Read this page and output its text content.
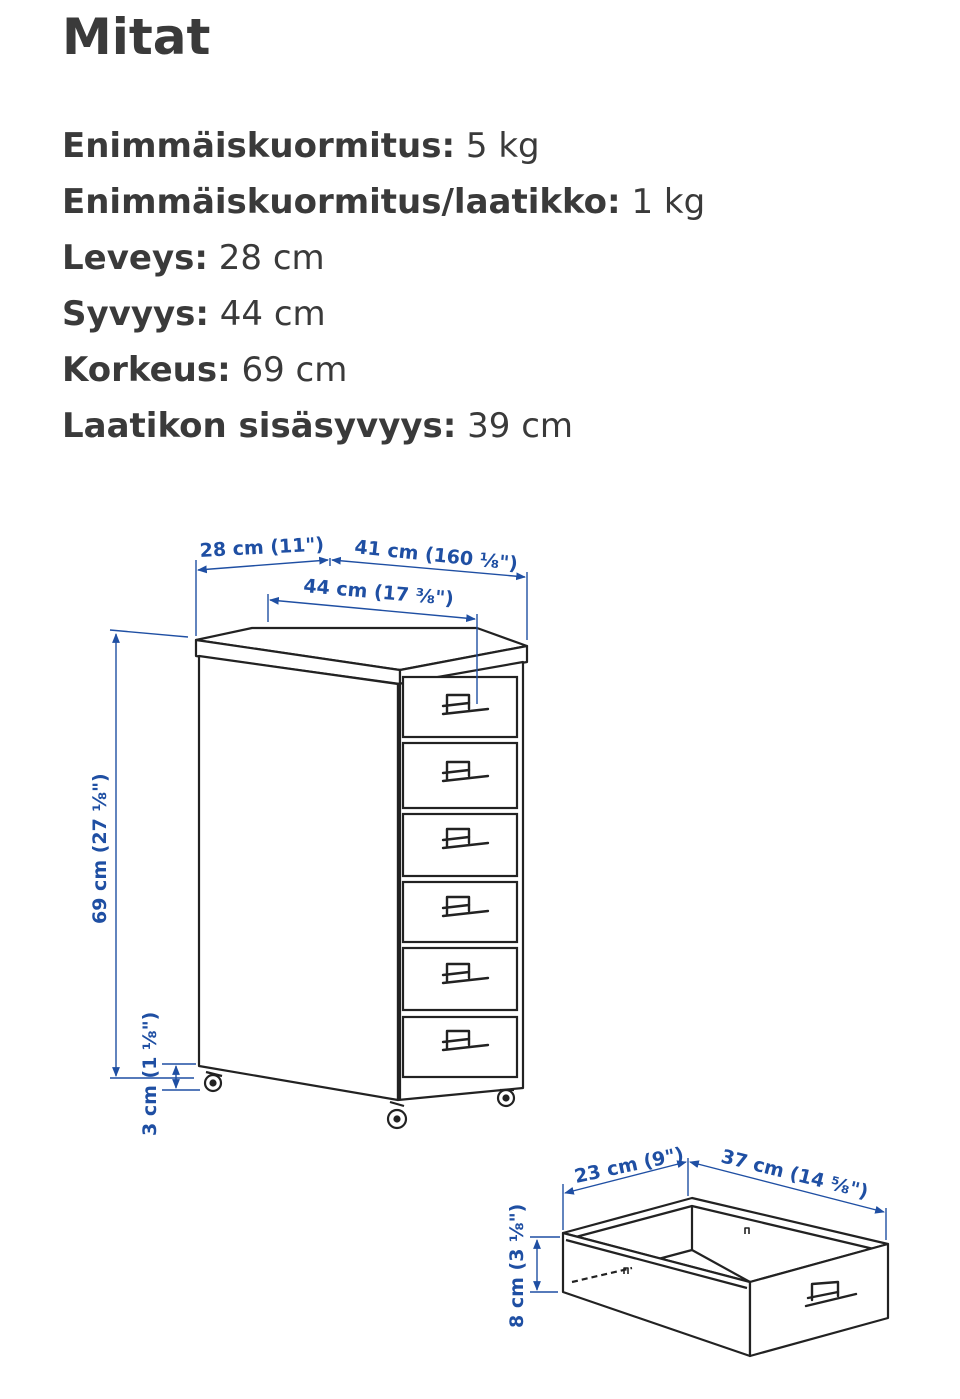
Mitat
Enimmäiskuormitus: 5 kg
Enimmäiskuormitus/laatikko: 1 kg
Leveys: 28 cm
Syvyys: 44 cm
Korkeus: 69 cm
Laatikon sisäsyvyys: 39 cm
28 cm (11") 41 cm (160 ⅛")
44 cm (17 ⅜")
69 cm (27 ⅛")
3 cm (1 ⅛")
23 cm (9") 37 cm (14 ⅝")
8 cm (3 ⅛")
